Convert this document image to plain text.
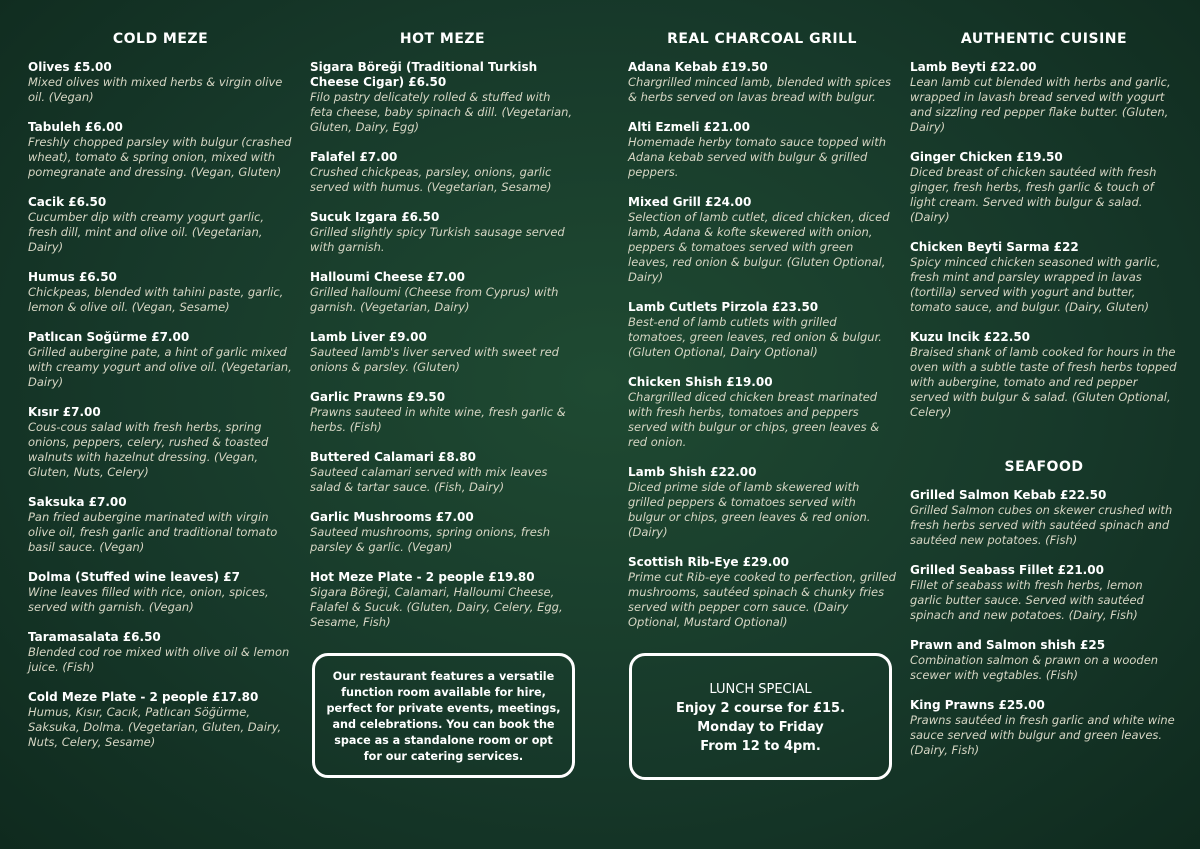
COLD MEZE
Olives £5.00
Mixed olives with mixed herbs & virgin olive oil. (Vegan)
Tabuleh £6.00
Freshly chopped parsley with bulgur (crashed wheat), tomato & spring onion, mixed with pomegranate and dressing. (Vegan, Gluten)
Cacik £6.50
Cucumber dip with creamy yogurt garlic, fresh dill, mint and olive oil. (Vegetarian, Dairy)
Humus £6.50
Chickpeas, blended with tahini paste, garlic, lemon & olive oil. (Vegan, Sesame)
Patlıcan Soğürme £7.00
Grilled aubergine pate, a hint of garlic mixed with creamy yogurt and olive oil. (Vegetarian, Dairy)
Kısır £7.00
Cous-cous salad with fresh herbs, spring onions, peppers, celery, rushed & toasted walnuts with hazelnut dressing. (Vegan, Gluten, Nuts, Celery)
Saksuka £7.00
Pan fried aubergine marinated with virgin olive oil, fresh garlic and traditional tomato basil sauce. (Vegan)
Dolma (Stuffed wine leaves) £7
Wine leaves filled with rice, onion, spices, served with garnish. (Vegan)
Taramasalata £6.50
Blended cod roe mixed with olive oil & lemon juice. (Fish)
Cold Meze Plate - 2 people £17.80
Humus, Kısır, Cacık, Patlıcan Söğürme, Saksuka, Dolma. (Vegetarian, Gluten, Dairy, Nuts, Celery, Sesame)
HOT MEZE
Sigara Böreği (Traditional Turkish Cheese Cigar) £6.50
Filo pastry delicately rolled & stuffed with feta cheese, baby spinach & dill. (Vegetarian, Gluten, Dairy, Egg)
Falafel £7.00
Crushed chickpeas, parsley, onions, garlic served with humus. (Vegetarian, Sesame)
Sucuk Izgara £6.50
Grilled slightly spicy Turkish sausage served with garnish.
Halloumi Cheese £7.00
Grilled halloumi (Cheese from Cyprus) with garnish. (Vegetarian, Dairy)
Lamb Liver £9.00
Sauteed lamb's liver served with sweet red onions & parsley. (Gluten)
Garlic Prawns £9.50
Prawns sauteed in white wine, fresh garlic & herbs. (Fish)
Buttered Calamari £8.80
Sauteed calamari served with mix leaves salad & tartar sauce. (Fish, Dairy)
Garlic Mushrooms £7.00
Sauteed mushrooms, spring onions, fresh parsley & garlic. (Vegan)
Hot Meze Plate - 2 people £19.80
Sigara Böreği, Calamari, Halloumi Cheese, Falafel & Sucuk. (Gluten, Dairy, Celery, Egg, Sesame, Fish)
Our restaurant features a versatile function room available for hire, perfect for private events, meetings, and celebrations. You can book the space as a standalone room or opt for our catering services.
REAL CHARCOAL GRILL
Adana Kebab £19.50
Chargrilled minced lamb, blended with spices & herbs served on lavas bread with bulgur.
Alti Ezmeli £21.00
Homemade herby tomato sauce topped with Adana kebab served with bulgur & grilled peppers.
Mixed Grill £24.00
Selection of lamb cutlet, diced chicken, diced lamb, Adana & kofte skewered with onion, peppers & tomatoes served with green leaves, red onion & bulgur. (Gluten Optional, Dairy)
Lamb Cutlets Pirzola £23.50
Best-end of lamb cutlets with grilled tomatoes, green leaves, red onion & bulgur. (Gluten Optional, Dairy Optional)
Chicken Shish £19.00
Chargrilled diced chicken breast marinated with fresh herbs, tomatoes and peppers served with bulgur or chips, green leaves & red onion.
Lamb Shish £22.00
Diced prime side of lamb skewered with grilled peppers & tomatoes served with bulgur or chips, green leaves & red onion. (Dairy)
Scottish Rib-Eye £29.00
Prime cut Rib-eye cooked to perfection, grilled mushrooms, sautéed spinach & chunky fries served with pepper corn sauce. (Dairy Optional, Mustard Optional)
LUNCH SPECIAL
Enjoy 2 course for £15.
Monday to Friday
From 12 to 4pm.
AUTHENTIC CUISINE
Lamb Beyti £22.00
Lean lamb cut blended with herbs and garlic, wrapped in lavash bread served with yogurt and sizzling red pepper flake butter. (Gluten, Dairy)
Ginger Chicken £19.50
Diced breast of chicken sautéed with fresh ginger, fresh herbs, fresh garlic & touch of light cream. Served with bulgur & salad. (Dairy)
Chicken Beyti Sarma £22
Spicy minced chicken seasoned with garlic, fresh mint and parsley wrapped in lavas (tortilla) served with yogurt and butter, tomato sauce, and bulgur. (Dairy, Gluten)
Kuzu Incik £22.50
Braised shank of lamb cooked for hours in the oven with a subtle taste of fresh herbs topped with aubergine, tomato and red pepper served with bulgur & salad. (Gluten Optional, Celery)
SEAFOOD
Grilled Salmon Kebab £22.50
Grilled Salmon cubes on skewer crushed with fresh herbs served with sautéed spinach and sautéed new potatoes. (Fish)
Grilled Seabass Fillet £21.00
Fillet of seabass with fresh herbs, lemon garlic butter sauce. Served with sautéed spinach and new potatoes. (Dairy, Fish)
Prawn and Salmon shish £25
Combination salmon & prawn on a wooden scewer with vegtables. (Fish)
King Prawns £25.00
Prawns sautéed in fresh garlic and white wine sauce served with bulgur and green leaves. (Dairy, Fish)
